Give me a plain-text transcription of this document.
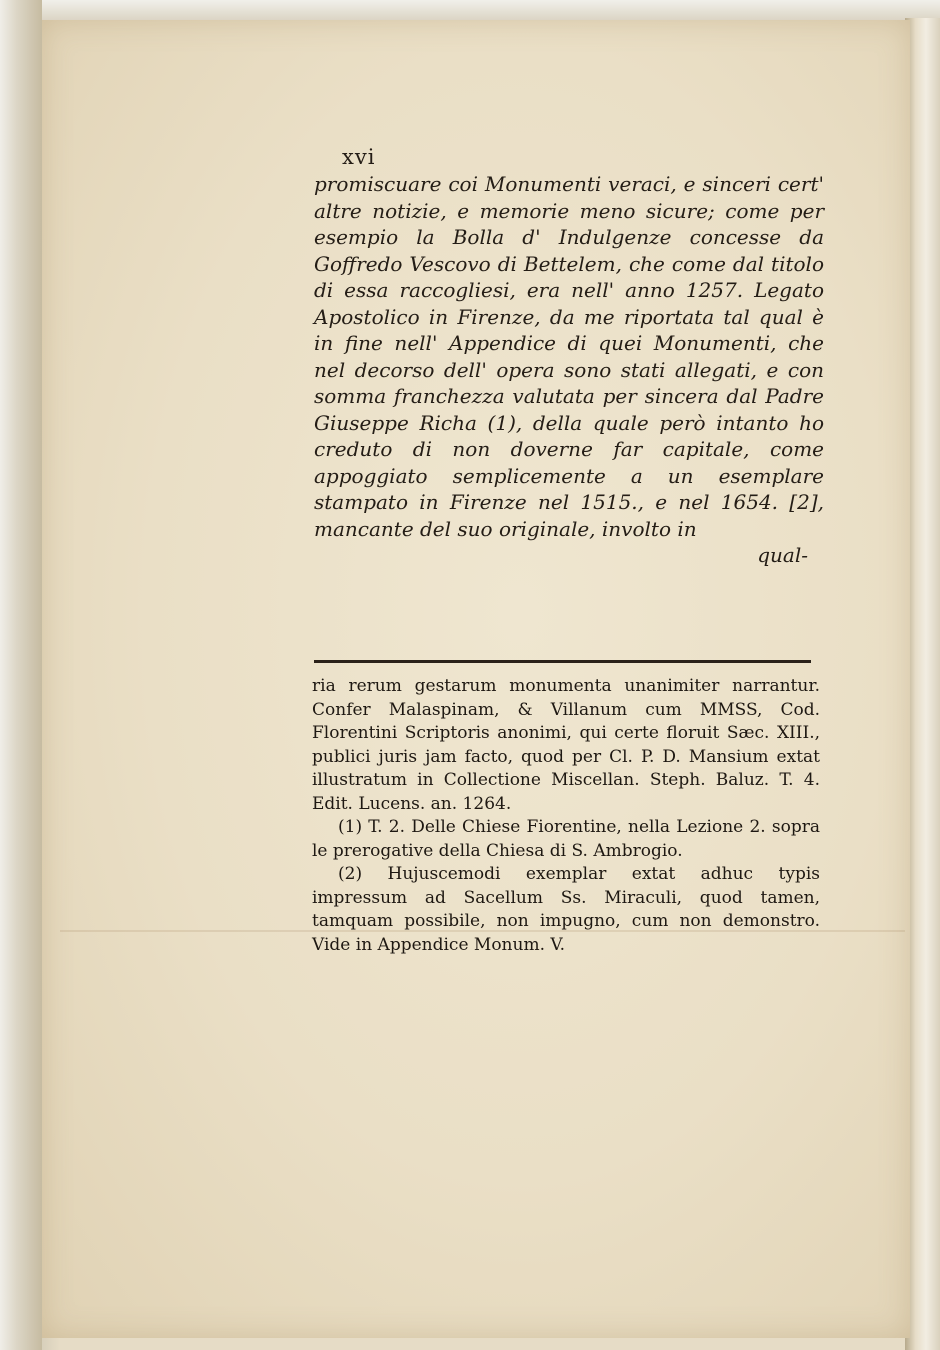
xvi

promiscuare coi Monumenti veraci, e sinceri cert' altre notizie, e memorie meno sicure; come per esempio la Bolla d' Indulgenze concesse da Goffredo Vescovo di Bettelem, che come dal titolo di essa raccogliesi, era nell' anno 1257. Legato Apostolico in Firenze, da me riportata tal qual è in fine nell' Appendice di quei Monumenti, che nel decorso dell' opera sono stati allegati, e con somma franchezza valutata per sincera dal Padre Giuseppe Richa (1), della quale però intanto ho creduto di non doverne far capitale, come appoggiato semplicemente a un esemplare stampato in Firenze nel 1515., e nel 1654. [2], mancante del suo originale, involto in

qual-

ria rerum gestarum monumenta unanimiter narrantur. Confer Malaspinam, & Villanum cum MMSS, Cod. Florentini Scriptoris anonimi, qui certe floruit Sæc. XIII., publici juris jam facto, quod per Cl. P. D. Mansium extat illustratum in Collectione Miscellan. Steph. Baluz. T. 4. Edit. Lucens. an. 1264.

(1) T. 2. Delle Chiese Fiorentine, nella Lezione 2. sopra le prerogative della Chiesa di S. Ambrogio.

(2) Hujuscemodi exemplar extat adhuc typis impressum ad Sacellum Ss. Miraculi, quod tamen, tamquam possibile, non impugno, cum non demonstro. Vide in Appendice Monum. V.
